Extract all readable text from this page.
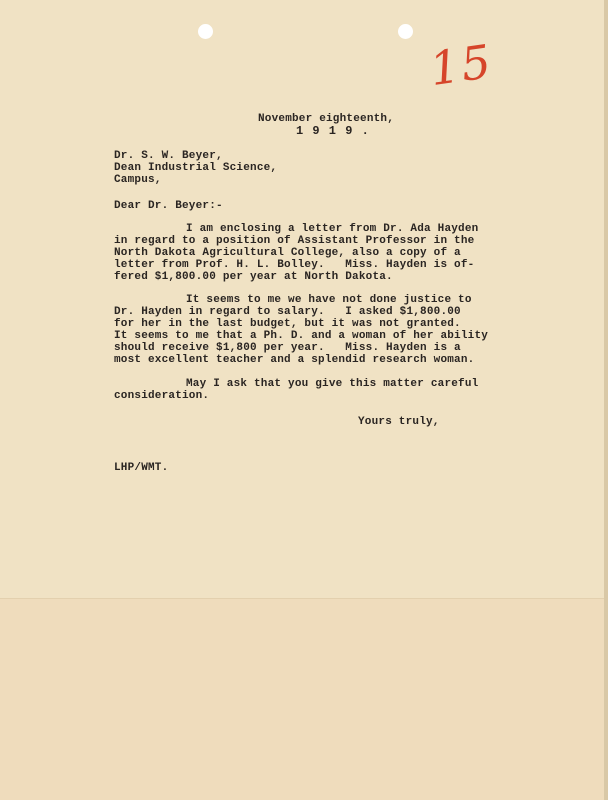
15
November eighteenth,
1 9 1 9 .
Dr. S. W. Beyer,
Dean Industrial Science,
Campus,
Dear Dr. Beyer:-
I am enclosing a letter from Dr. Ada Hayden
in regard to a position of Assistant Professor in the
North Dakota Agricultural College, also a copy of a
letter from Prof. H. L. Bolley.   Miss. Hayden is of-
fered $1,800.00 per year at North Dakota.
It seems to me we have not done justice to
Dr. Hayden in regard to salary.   I asked $1,800.00
for her in the last budget, but it was not granted.
It seems to me that a Ph. D. and a woman of her ability
should receive $1,800 per year.   Miss. Hayden is a
most excellent teacher and a splendid research woman.
May I ask that you give this matter careful
consideration.
Yours truly,
LHP/WMT.
